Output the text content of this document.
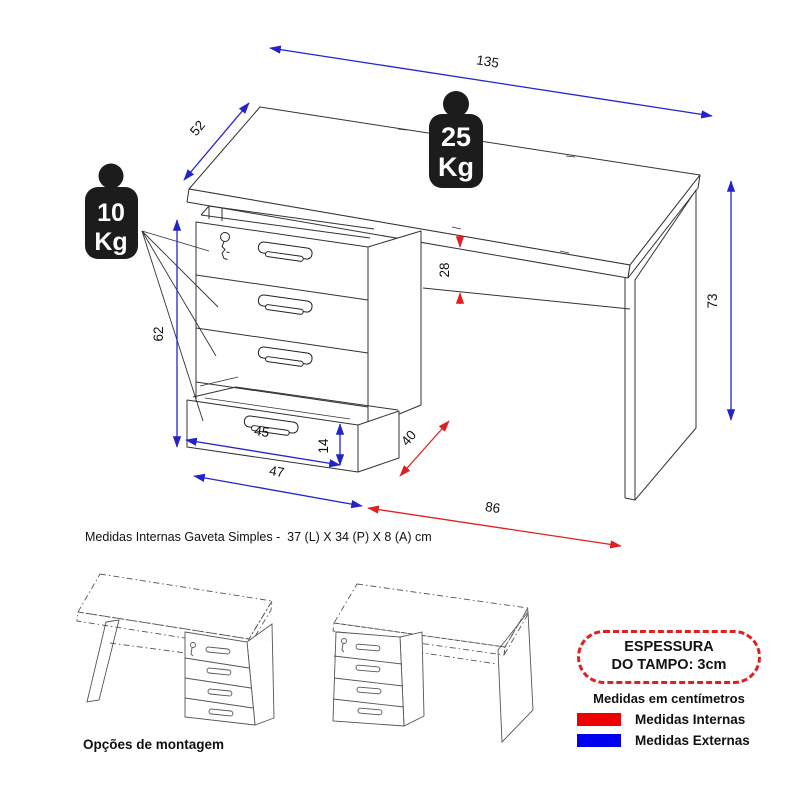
135
52
62
45
14
47
73
28
40
86
25
Kg
10
Kg
Medidas Internas Gaveta Simples -  37 (L) X 34 (P) X 8 (A) cm
Opções de montagem
ESPESSURA
DO TAMPO: 3cm
Medidas em centímetros
Medidas Internas
Medidas Externas
